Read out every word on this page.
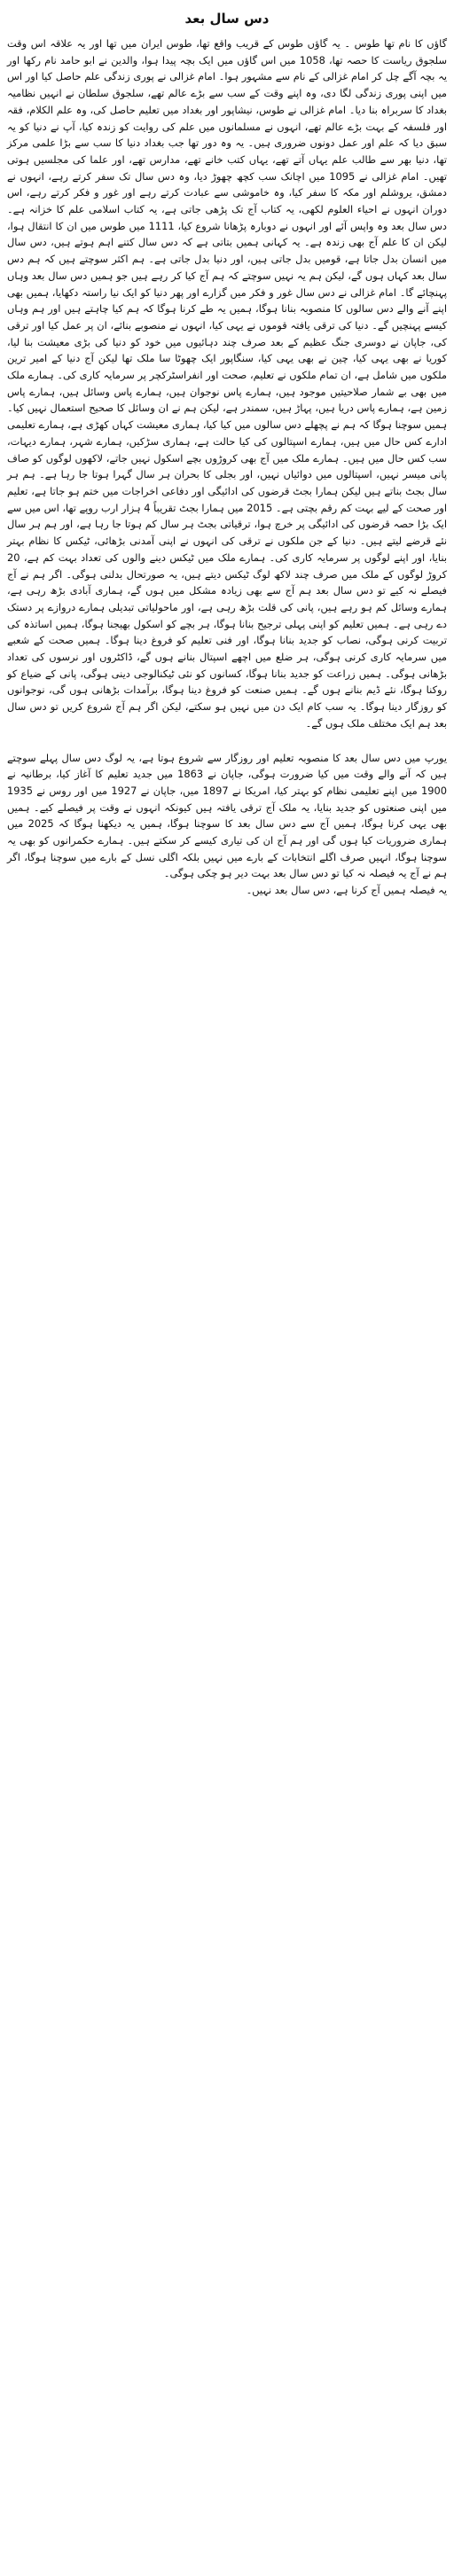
دس سال بعد

گاؤں کا نام تھا طوس ۔ یہ گاؤں طوس کے قریب واقع تھا، طوس ایران میں تھا اور یہ علاقہ اس وقت سلجوق ریاست کا حصہ تھا، 1058 میں اس گاؤں میں ایک بچہ پیدا ہوا، والدین نے ابو حامد نام رکھا اور یہ بچہ آگے چل کر امام غزالی کے نام سے مشہور ہوا۔ امام غزالی نے پوری زندگی علم حاصل کیا اور اس میں اپنی پوری زندگی لگا دی، وہ اپنے وقت کے سب سے بڑے عالم تھے، سلجوق سلطان نے انہیں نظامیہ بغداد کا سربراہ بنا دیا۔ امام غزالی نے طوس، نیشاپور اور بغداد میں تعلیم حاصل کی، وہ علم الکلام، فقہ اور فلسفہ کے بہت بڑے عالم تھے، انہوں نے مسلمانوں میں علم کی روایت کو زندہ کیا، آپ نے دنیا کو یہ سبق دیا کہ علم اور عمل دونوں ضروری ہیں۔ یہ وہ دور تھا جب بغداد دنیا کا سب سے بڑا علمی مرکز تھا، دنیا بھر سے طالب علم یہاں آتے تھے، یہاں کتب خانے تھے، مدارس تھے، اور علما کی مجلسیں ہوتی تھیں۔ امام غزالی نے 1095 میں اچانک سب کچھ چھوڑ دیا، وہ دس سال تک سفر کرتے رہے، انہوں نے دمشق، یروشلم اور مکہ کا سفر کیا، وہ خاموشی سے عبادت کرتے رہے اور غور و فکر کرتے رہے، اس دوران انہوں نے احیاء العلوم لکھی، یہ کتاب آج تک پڑھی جاتی ہے، یہ کتاب اسلامی علم کا خزانہ ہے۔ دس سال بعد وہ واپس آئے اور انہوں نے دوبارہ پڑھانا شروع کیا، 1111 میں طوس میں ان کا انتقال ہوا، لیکن ان کا علم آج بھی زندہ ہے۔ یہ کہانی ہمیں بتاتی ہے کہ دس سال کتنے اہم ہوتے ہیں، دس سال میں انسان بدل جاتا ہے، قومیں بدل جاتی ہیں، اور دنیا بدل جاتی ہے۔ ہم اکثر سوچتے ہیں کہ ہم دس سال بعد کہاں ہوں گے، لیکن ہم یہ نہیں سوچتے کہ ہم آج کیا کر رہے ہیں جو ہمیں دس سال بعد وہاں پہنچائے گا۔ امام غزالی نے دس سال غور و فکر میں گزارے اور پھر دنیا کو ایک نیا راستہ دکھایا، ہمیں بھی اپنے آنے والے دس سالوں کا منصوبہ بنانا ہوگا، ہمیں یہ طے کرنا ہوگا کہ ہم کیا چاہتے ہیں اور ہم وہاں کیسے پہنچیں گے۔ دنیا کی ترقی یافتہ قوموں نے یہی کیا، انہوں نے منصوبے بنائے، ان پر عمل کیا اور ترقی کی، جاپان نے دوسری جنگ عظیم کے بعد صرف چند دہائیوں میں خود کو دنیا کی بڑی معیشت بنا لیا، کوریا نے بھی یہی کیا، چین نے بھی یہی کیا، سنگاپور ایک چھوٹا سا ملک تھا لیکن آج دنیا کے امیر ترین ملکوں میں شامل ہے، ان تمام ملکوں نے تعلیم، صحت اور انفراسٹرکچر پر سرمایہ کاری کی۔ ہمارے ملک میں بھی بے شمار صلاحیتیں موجود ہیں، ہمارے پاس نوجوان ہیں، ہمارے پاس وسائل ہیں، ہمارے پاس زمین ہے، ہمارے پاس دریا ہیں، پہاڑ ہیں، سمندر ہے، لیکن ہم نے ان وسائل کا صحیح استعمال نہیں کیا۔ ہمیں سوچنا ہوگا کہ ہم نے پچھلے دس سالوں میں کیا کیا، ہماری معیشت کہاں کھڑی ہے، ہمارے تعلیمی ادارے کس حال میں ہیں، ہمارے اسپتالوں کی کیا حالت ہے، ہماری سڑکیں، ہمارے شہر، ہمارے دیہات، سب کس حال میں ہیں۔ ہمارے ملک میں آج بھی کروڑوں بچے اسکول نہیں جاتے، لاکھوں لوگوں کو صاف پانی میسر نہیں، اسپتالوں میں دوائیاں نہیں، اور بجلی کا بحران ہر سال گہرا ہوتا جا رہا ہے۔ ہم ہر سال بجٹ بناتے ہیں لیکن ہمارا بجٹ قرضوں کی ادائیگی اور دفاعی اخراجات میں ختم ہو جاتا ہے، تعلیم اور صحت کے لیے بہت کم رقم بچتی ہے۔ 2015 میں ہمارا بجٹ تقریباً 4 ہزار ارب روپے تھا، اس میں سے ایک بڑا حصہ قرضوں کی ادائیگی پر خرچ ہوا، ترقیاتی بجٹ ہر سال کم ہوتا جا رہا ہے، اور ہم ہر سال نئے قرضے لیتے ہیں۔ دنیا کے جن ملکوں نے ترقی کی انہوں نے اپنی آمدنی بڑھائی، ٹیکس کا نظام بہتر بنایا، اور اپنے لوگوں پر سرمایہ کاری کی۔ ہمارے ملک میں ٹیکس دینے والوں کی تعداد بہت کم ہے، 20 کروڑ لوگوں کے ملک میں صرف چند لاکھ لوگ ٹیکس دیتے ہیں، یہ صورتحال بدلنی ہوگی۔ اگر ہم نے آج فیصلے نہ کیے تو دس سال بعد ہم آج سے بھی زیادہ مشکل میں ہوں گے، ہماری آبادی بڑھ رہی ہے، ہمارے وسائل کم ہو رہے ہیں، پانی کی قلت بڑھ رہی ہے، اور ماحولیاتی تبدیلی ہمارے دروازے پر دستک دے رہی ہے۔ ہمیں تعلیم کو اپنی پہلی ترجیح بنانا ہوگا، ہر بچے کو اسکول بھیجنا ہوگا، ہمیں اساتذہ کی تربیت کرنی ہوگی، نصاب کو جدید بنانا ہوگا، اور فنی تعلیم کو فروغ دینا ہوگا۔ ہمیں صحت کے شعبے میں سرمایہ کاری کرنی ہوگی، ہر ضلع میں اچھے اسپتال بنانے ہوں گے، ڈاکٹروں اور نرسوں کی تعداد بڑھانی ہوگی۔ ہمیں زراعت کو جدید بنانا ہوگا، کسانوں کو نئی ٹیکنالوجی دینی ہوگی، پانی کے ضیاع کو روکنا ہوگا، نئے ڈیم بنانے ہوں گے۔ ہمیں صنعت کو فروغ دینا ہوگا، برآمدات بڑھانی ہوں گی، نوجوانوں کو روزگار دینا ہوگا۔ یہ سب کام ایک دن میں نہیں ہو سکتے، لیکن اگر ہم آج شروع کریں تو دس سال بعد ہم ایک مختلف ملک ہوں گے۔

یورپ میں دس سال بعد کا منصوبہ تعلیم اور روزگار سے شروع ہوتا ہے، یہ لوگ دس سال پہلے سوچتے ہیں کہ آنے والے وقت میں کیا ضرورت ہوگی، جاپان نے 1863 میں جدید تعلیم کا آغاز کیا، برطانیہ نے 1900 میں اپنے تعلیمی نظام کو بہتر کیا، امریکا نے 1897 میں، جاپان نے 1927 میں اور روس نے 1935 میں اپنی صنعتوں کو جدید بنایا، یہ ملک آج ترقی یافتہ ہیں کیونکہ انہوں نے وقت پر فیصلے کیے۔ ہمیں بھی یہی کرنا ہوگا، ہمیں آج سے دس سال بعد کا سوچنا ہوگا، ہمیں یہ دیکھنا ہوگا کہ 2025 میں ہماری ضروریات کیا ہوں گی اور ہم آج ان کی تیاری کیسے کر سکتے ہیں۔ ہمارے حکمرانوں کو بھی یہ سوچنا ہوگا، انہیں صرف اگلے انتخابات کے بارے میں نہیں بلکہ اگلی نسل کے بارے میں سوچنا ہوگا، اگر ہم نے آج یہ فیصلہ نہ کیا تو دس سال بعد بہت دیر ہو چکی ہوگی۔

یہ فیصلہ ہمیں آج کرنا ہے، دس سال بعد نہیں۔
